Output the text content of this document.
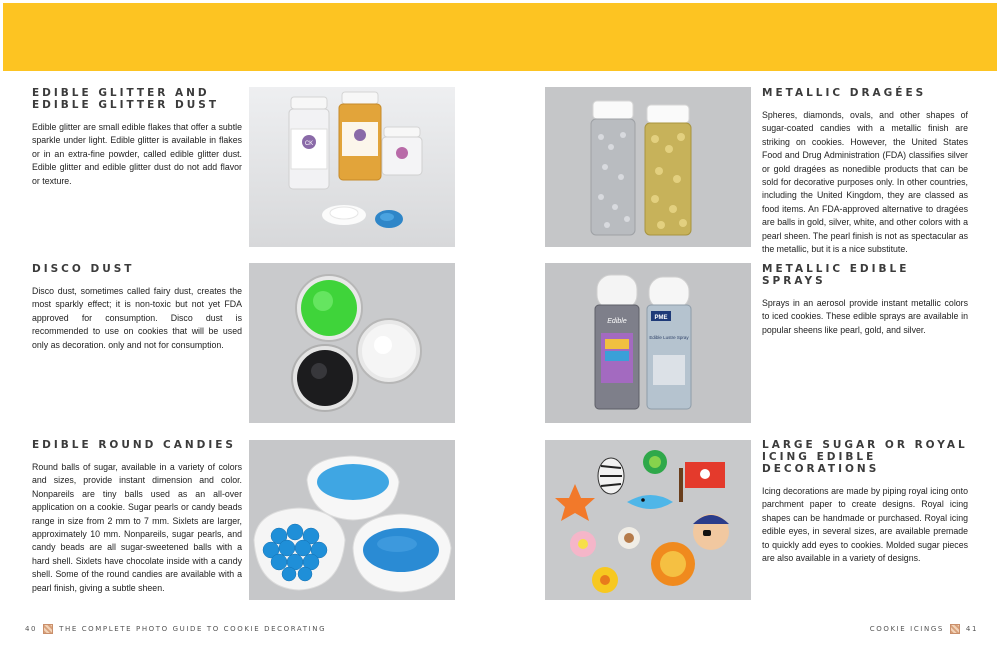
EDIBLE GLITTER AND EDIBLE GLITTER DUST

Edible glitter are small edible flakes that offer a subtle sparkle under light. Edible glitter is available in flakes or in an extra-fine powder, called edible glitter dust. Edible glitter and edible glitter dust do not add flavor or texture.

CK
DISCO DUST

Disco dust, sometimes called fairy dust, creates the most sparkly effect; it is non-toxic but not yet FDA approved for consumption. Disco dust is recommended to use on cookies that will be used only as decoration. only and not for consumption.

EDIBLE ROUND CANDIES

Round balls of sugar, available in a variety of colors and sizes, provide instant dimension and color. Nonpareils are tiny balls used as an all-over application on a cookie. Sugar pearls or candy beads range in size from 2 mm to 7 mm. Sixlets are larger, approximately 10 mm. Nonpareils, sugar pearls, and candy beads are all sugar-sweetened balls with a hard shell. Sixlets have chocolate inside with a candy shell. Some of the round candies are available with a pearl finish, giving a subtle sheen.

METALLIC DRAGÉES

Spheres, diamonds, ovals, and other shapes of sugar-coated candies with a metallic finish are striking on cookies. However, the United States Food and Drug Administration (FDA) classifies silver or gold dragées as nonedible products that can be sold for decorative purposes only. In other countries, including the United Kingdom, they are classed as food items. An FDA-approved alternative to dragées are balls in gold, silver, white, and other colors with a pearl sheen. The pearl finish is not as spectacular as the metallic, but it is a nice substitute.

Edible	PME
Edible Lustre Spray
METALLIC EDIBLE SPRAYS

Sprays in an aerosol provide instant metallic colors to iced cookies. These edible sprays are available in popular sheens like pearl, gold, and silver.

LARGE SUGAR OR ROYAL ICING EDIBLE DECORATIONS

Icing decorations are made by piping royal icing onto parchment paper to create designs. Royal icing shapes can be handmade or purchased. Royal icing edible eyes, in several sizes, are available premade to quickly add eyes to cookies. Molded sugar pieces are also available in a variety of designs.

40	THE COMPLETE PHOTO GUIDE TO COOKIE DECORATING	COOKIE ICINGS	41
